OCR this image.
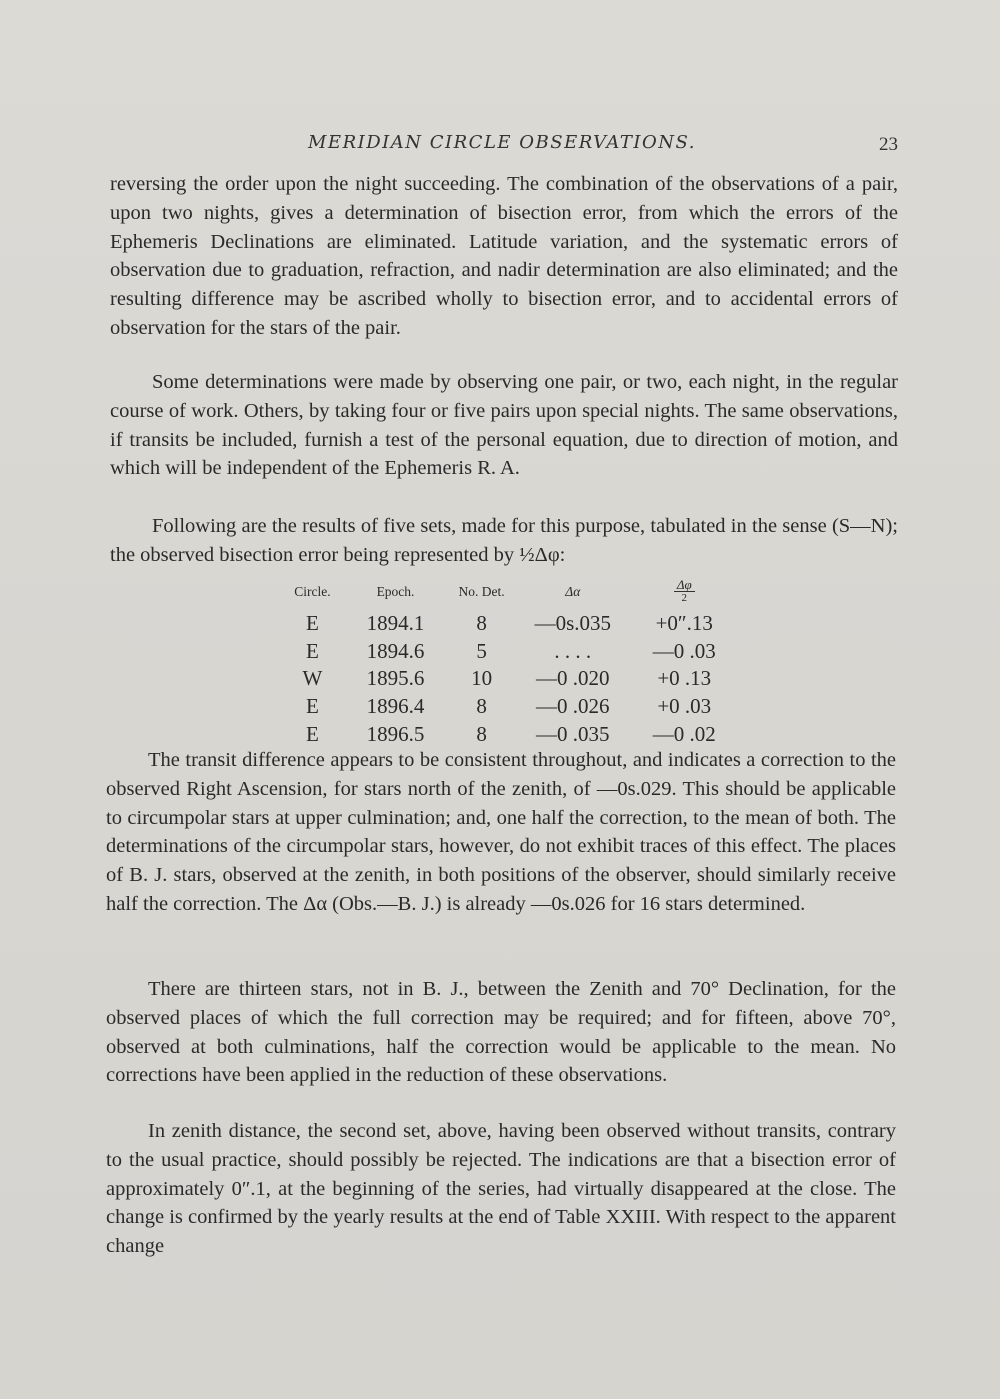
MERIDIAN CIRCLE OBSERVATIONS.	23

reversing the order upon the night succeeding. The combination of the observations of a pair, upon two nights, gives a determination of bisection error, from which the errors of the Ephemeris Declinations are eliminated. Latitude variation, and the systematic errors of observation due to graduation, refraction, and nadir determination are also eliminated; and the resulting difference may be ascribed wholly to bisection error, and to accidental errors of observation for the stars of the pair.

Some determinations were made by observing one pair, or two, each night, in the regular course of work. Others, by taking four or five pairs upon special nights. The same observations, if transits be included, furnish a test of the personal equation, due to direction of motion, and which will be independent of the Ephemeris R. A.

Following are the results of five sets, made for this purpose, tabulated in the sense (S—N); the observed bisection error being represented by ½Δφ:

Circle.	Epoch.	No. Det.	Δα	$\frac{\Delta\varphi}{2}$

E	1894.1	8	—0s.035	+0″.13
E	1894.6	5	. . . .	—0 .03
W	1895.6	10	—0 .020	+0 .13
E	1896.4	8	—0 .026	+0 .03
E	1896.5	8	—0 .035	—0 .02

The transit difference appears to be consistent throughout, and indicates a correction to the observed Right Ascension, for stars north of the zenith, of —0s.029. This should be applicable to circumpolar stars at upper culmination; and, one half the correction, to the mean of both. The determinations of the circumpolar stars, however, do not exhibit traces of this effect. The places of B. J. stars, observed at the zenith, in both positions of the observer, should similarly receive half the correction. The Δα (Obs.—B. J.) is already —0s.026 for 16 stars determined.

There are thirteen stars, not in B. J., between the Zenith and 70° Declination, for the observed places of which the full correction may be required; and for fifteen, above 70°, observed at both culminations, half the correction would be applicable to the mean. No corrections have been applied in the reduction of these observations.

In zenith distance, the second set, above, having been observed without transits, contrary to the usual practice, should possibly be rejected. The indications are that a bisection error of approximately 0″.1, at the beginning of the series, had virtually disappeared at the close. The change is confirmed by the yearly results at the end of Table XXIII. With respect to the apparent change
